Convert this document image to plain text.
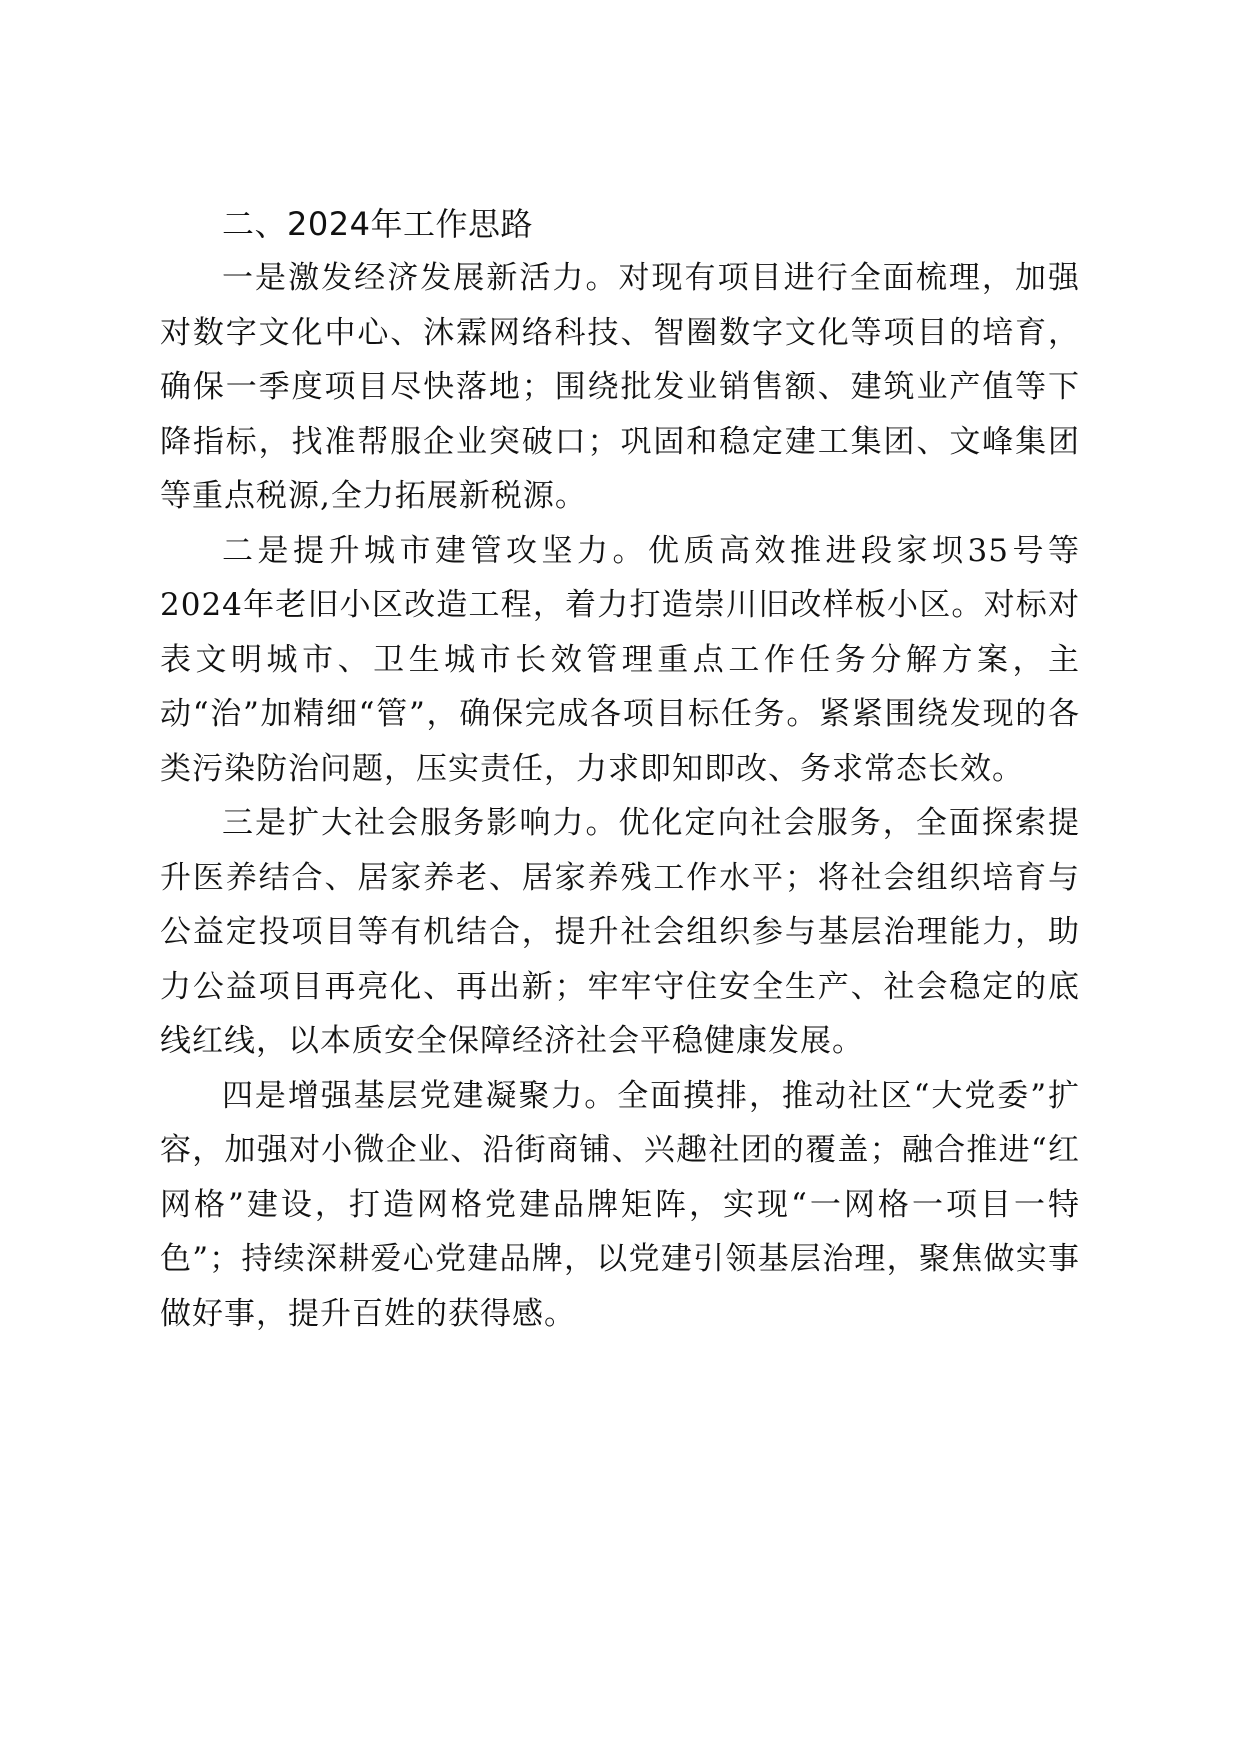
二、2024年工作思路

一是激发经济发展新活力。对现有项目进行全面梳理，加强对数字文化中心、沐霖网络科技、智圈数字文化等项目的培育，确保一季度项目尽快落地；围绕批发业销售额、建筑业产值等下降指标，找准帮服企业突破口；巩固和稳定建工集团、文峰集团等重点税源,全力拓展新税源。

二是提升城市建管攻坚力。优质高效推进段家坝35号等2024年老旧小区改造工程，着力打造崇川旧改样板小区。对标对表文明城市、卫生城市长效管理重点工作任务分解方案，主动“治”加精细“管”，确保完成各项目标任务。紧紧围绕发现的各类污染防治问题，压实责任，力求即知即改、务求常态长效。

三是扩大社会服务影响力。优化定向社会服务，全面探索提升医养结合、居家养老、居家养残工作水平；将社会组织培育与公益定投项目等有机结合，提升社会组织参与基层治理能力，助力公益项目再亮化、再出新；牢牢守住安全生产、社会稳定的底线红线，以本质安全保障经济社会平稳健康发展。

四是增强基层党建凝聚力。全面摸排，推动社区“大党委”扩容，加强对小微企业、沿街商铺、兴趣社团的覆盖；融合推进“红网格”建设，打造网格党建品牌矩阵，实现“一网格一项目一特色”；持续深耕爱心党建品牌，以党建引领基层治理，聚焦做实事做好事，提升百姓的获得感。
